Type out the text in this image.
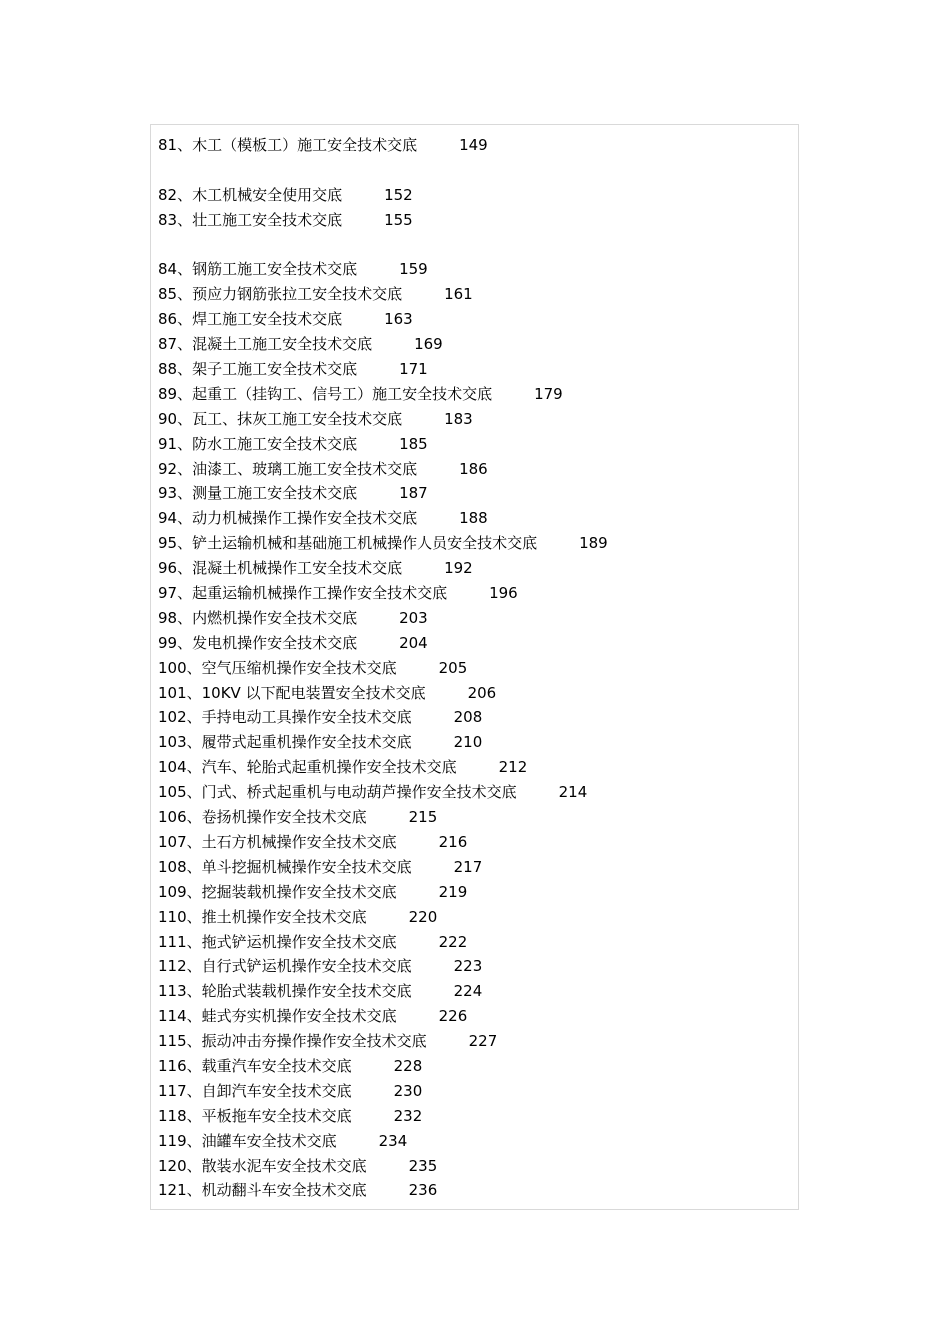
81、木工（模板工）施工安全技术交底	149
82、木工机械安全使用交底	152
83、壮工施工安全技术交底	155
84、钢筋工施工安全技术交底	159
85、预应力钢筋张拉工安全技术交底	161
86、焊工施工安全技术交底	163
87、混凝土工施工安全技术交底	169
88、架子工施工安全技术交底	171
89、起重工（挂钩工、信号工）施工安全技术交底	179
90、瓦工、抹灰工施工安全技术交底	183
91、防水工施工安全技术交底	185
92、油漆工、玻璃工施工安全技术交底	186
93、测量工施工安全技术交底	187
94、动力机械操作工操作安全技术交底	188
95、铲土运输机械和基础施工机械操作人员安全技术交底	189
96、混凝土机械操作工安全技术交底	192
97、起重运输机械操作工操作安全技术交底	196
98、内燃机操作安全技术交底	203
99、发电机操作安全技术交底	204
100、空气压缩机操作安全技术交底	205
101、10KV 以下配电装置安全技术交底	206
102、手持电动工具操作安全技术交底	208
103、履带式起重机操作安全技术交底	210
104、汽车、轮胎式起重机操作安全技术交底	212
105、门式、桥式起重机与电动葫芦操作安全技术交底	214
106、卷扬机操作安全技术交底	215
107、土石方机械操作安全技术交底	216
108、单斗挖掘机械操作安全技术交底	217
109、挖掘装载机操作安全技术交底	219
110、推土机操作安全技术交底	220
111、拖式铲运机操作安全技术交底	222
112、自行式铲运机操作安全技术交底	223
113、轮胎式装载机操作安全技术交底	224
114、蛙式夯实机操作安全技术交底	226
115、振动冲击夯操作操作安全技术交底	227
116、载重汽车安全技术交底	228
117、自卸汽车安全技术交底	230
118、平板拖车安全技术交底	232
119、油罐车安全技术交底	234
120、散装水泥车安全技术交底	235
121、机动翻斗车安全技术交底	236
